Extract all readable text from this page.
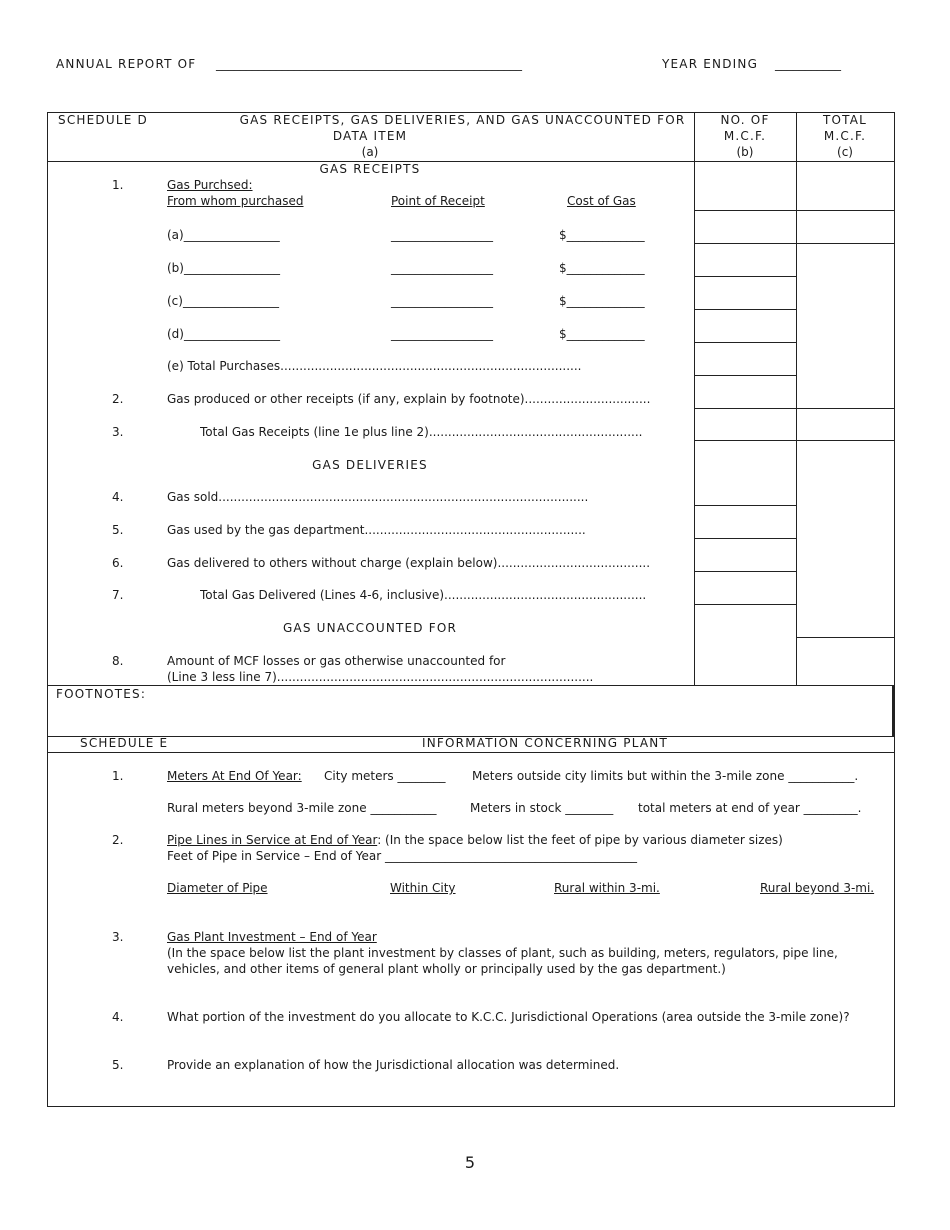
ANNUAL REPORT OF ___________________________________________________	YEAR ENDING ___________
SCHEDULE D	GAS RECEIPTS, GAS DELIVERIES, AND GAS UNACCOUNTED FOR
DATA ITEM
(a)
NO. OF
M.C.F.
(b)
TOTAL
M.C.F.
(c)
GAS RECEIPTS
1.	Gas Purchsed:
From whom purchased	Point of Receipt	Cost of Gas
(a)________________	_________________	$_____________
(b)________________	_________________	$_____________
(c)________________	_________________	$_____________
(d)________________	_________________	$_____________
(e) Total Purchases...............................................................................
2.	Gas produced or other receipts (if any, explain by footnote).................................
3.	Total Gas Receipts (line 1e plus line 2)........................................................
GAS DELIVERIES
4.	Gas sold.................................................................................................
5.	Gas used by the gas department..........................................................
6.	Gas delivered to others without charge (explain below)........................................
7.	Total Gas Delivered (Lines 4-6, inclusive).....................................................
GAS UNACCOUNTED FOR
8.	Amount of MCF losses or gas otherwise unaccounted for
(Line 3 less line 7)...................................................................................
FOOTNOTES:
SCHEDULE E	INFORMATION CONCERNING PLANT
1.	Meters At End Of Year: City meters ________ Meters outside city limits but within the 3-mile zone ___________.
Rural meters beyond 3-mile zone ___________	Meters in stock ________ total meters at end of year _________.
2.	Pipe Lines in Service at End of Year: (In the space below list the feet of pipe by various diameter sizes)
Feet of Pipe in Service – End of Year __________________________________________
Diameter of Pipe	Within City	Rural within 3-mi.	Rural beyond 3-mi.
3.	Gas Plant Investment – End of Year
(In the space below list the plant investment by classes of plant, such as building, meters, regulators, pipe line,
vehicles, and other items of general plant wholly or principally used by the gas department.)
4.	What portion of the investment do you allocate to K.C.C. Jurisdictional Operations (area outside the 3-mile zone)?
5.	Provide an explanation of how the Jurisdictional allocation was determined.
5
